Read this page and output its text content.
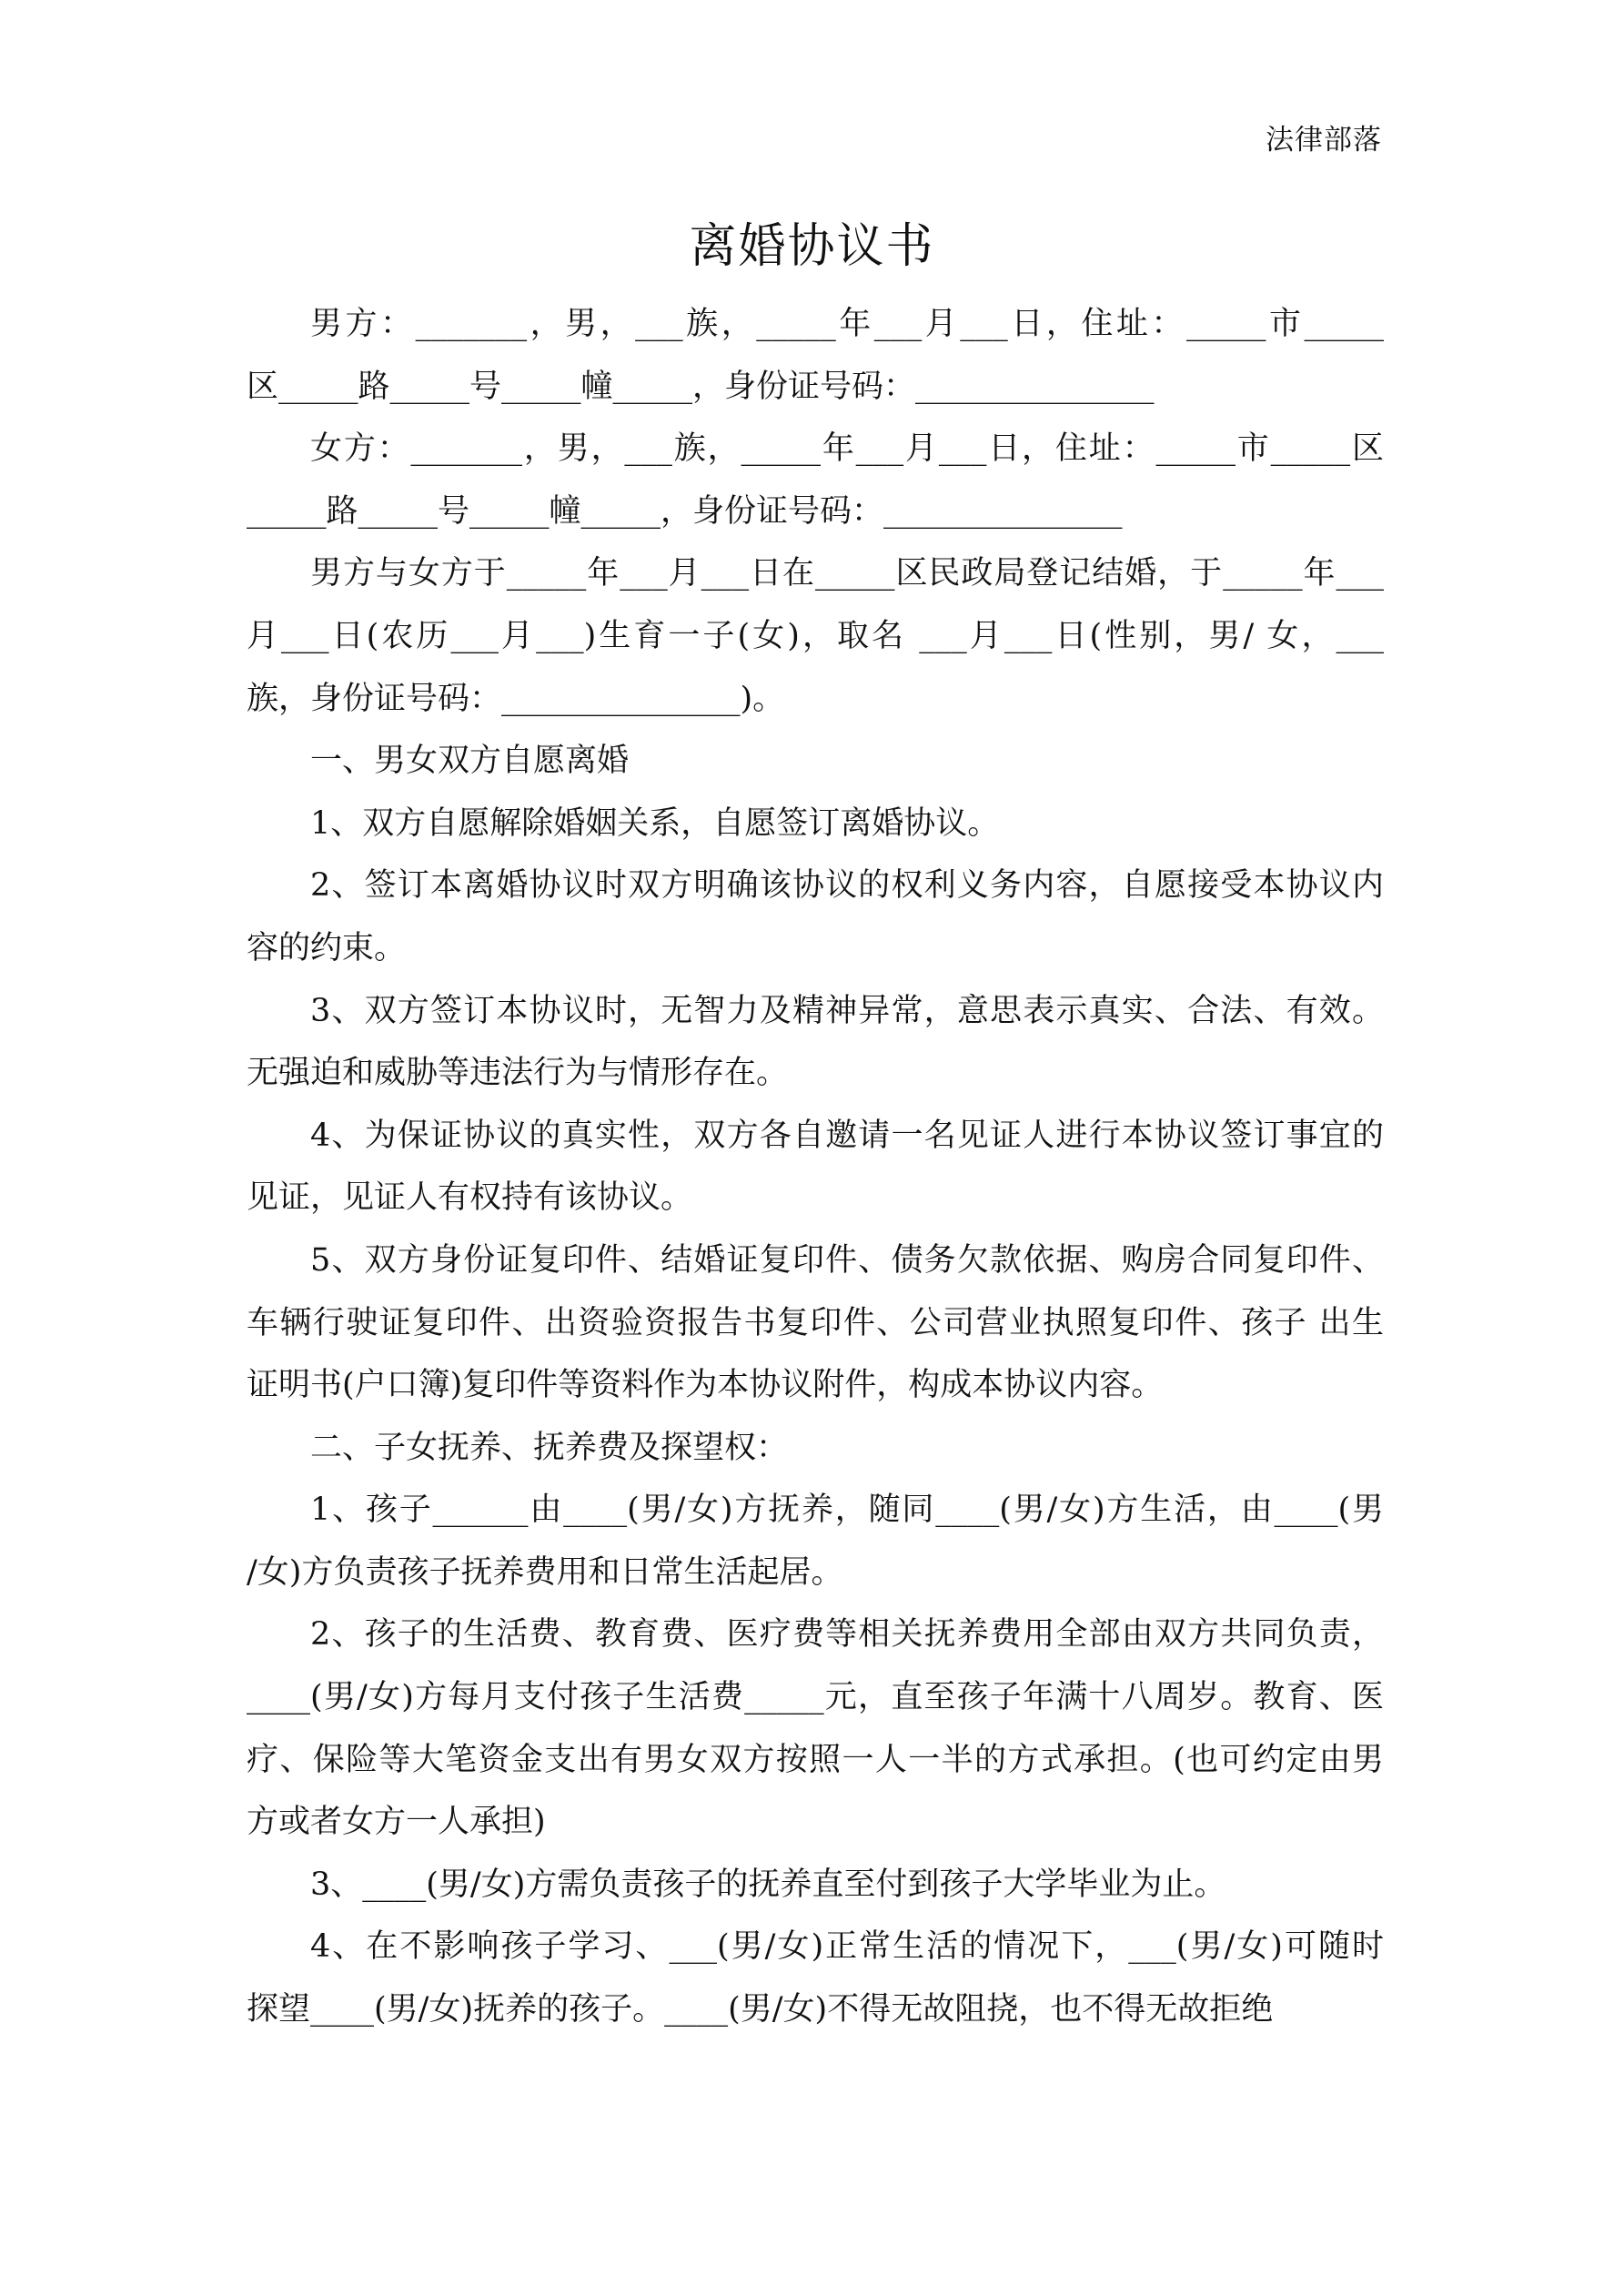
法律部落
离婚协议书
男方：_______，男，___族，_____年___月___日，住址：_____市_____
区_____路_____号_____幢_____，身份证号码：_______________
女方：_______，男，___族，_____年___月___日，住址：_____市_____区
_____路_____号_____幢_____，身份证号码：_______________
男方与女方于_____年___月___日在_____区民政局登记结婚，于_____年___
月___日(农历___月___)生育一子(女)，取名 ___月___日(性别，男/ 女，___
族，身份证号码：_______________)。
一、男女双方自愿离婚
1、双方自愿解除婚姻关系，自愿签订离婚协议。
2、签订本离婚协议时双方明确该协议的权利义务内容，自愿接受本协议内
容的约束。
3、双方签订本协议时，无智力及精神异常，意思表示真实、合法、有效。
无强迫和威胁等违法行为与情形存在。
4、为保证协议的真实性，双方各自邀请一名见证人进行本协议签订事宜的
见证，见证人有权持有该协议。
5、双方身份证复印件、结婚证复印件、债务欠款依据、购房合同复印件、
车辆行驶证复印件、出资验资报告书复印件、公司营业执照复印件、孩子 出生
证明书(户口簿)复印件等资料作为本协议附件，构成本协议内容。
二、子女抚养、抚养费及探望权：
1、孩子______由____(男/女)方抚养，随同____(男/女)方生活，由____(男
/女)方负责孩子抚养费用和日常生活起居。
2、孩子的生活费、教育费、医疗费等相关抚养费用全部由双方共同负责，
____(男/女)方每月支付孩子生活费_____元，直至孩子年满十八周岁。教育、医
疗、保险等大笔资金支出有男女双方按照一人一半的方式承担。(也可约定由男
方或者女方一人承担)
3、____(男/女)方需负责孩子的抚养直至付到孩子大学毕业为止。
4、在不影响孩子学习、___(男/女)正常生活的情况下，___(男/女)可随时
探望____(男/女)抚养的孩子。____(男/女)不得无故阻挠，也不得无故拒绝
